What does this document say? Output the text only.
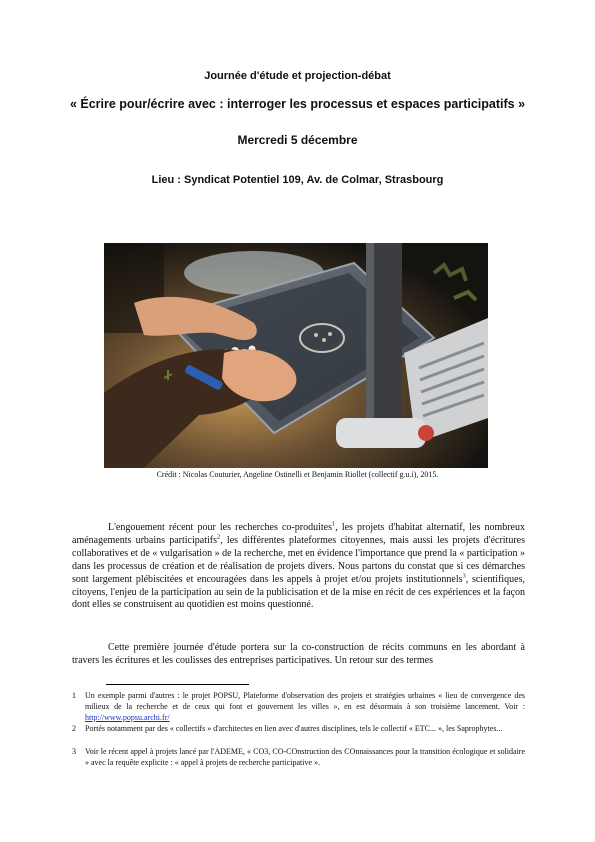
Journée d'étude et projection-débat
« Écrire pour/écrire avec : interroger les processus et espaces participatifs »
Mercredi 5 décembre
Lieu : Syndicat Potentiel 109, Av. de Colmar, Strasbourg
Crédit : Nicolas Couturier, Angeline Ostinelli et Benjamin Riollet (collectif g.u.i), 2015.

L'engouement récent pour les recherches co-produites$^1$, les projets d'habitat alternatif, les nombreux aménagements urbains participatifs$^2$, les différentes plateformes citoyennes, mais aussi les projets d'écritures collaboratives et de « vulgarisation » de la recherche, met en évidence l'importance que prend la « participation » dans les processus de création et de réalisation de projets divers. Nous partons du constat que si ces démarches sont largement plébiscitées et encouragées dans les appels à projet et/ou projets institutionnels$^3$, scientifiques, citoyens, l'enjeu de la participation au sein de la publicisation et de la mise en récit de ces expériences et la façon dont elles se construisent au quotidien est moins questionné.

Cette première journée d'étude portera sur la co-construction de récits communs en les abordant à travers les écritures et les coulisses des entreprises participatives. Un retour sur des termes

1	Un exemple parmi d'autres : le projet POPSU, Plateforme d'observation des projets et stratégies urbaines « lieu de convergence des milieux de la recherche et de ceux qui font et gouvernent les villes », en est désormais à son troisième lancement. Voir : http://www.popsu.archi.fr/

2	Portés notamment par des « collectifs » d'architectes en lien avec d'autres disciplines, tels le collectif « ETC... », les Saprophytes...

3	Voir le récent appel à projets lancé par l'ADEME, « CO3, CO-COnstruction des COnnaissances pour la transition écologique et solidaire » avec la requête explicite : « appel à projets de recherche participative ».
